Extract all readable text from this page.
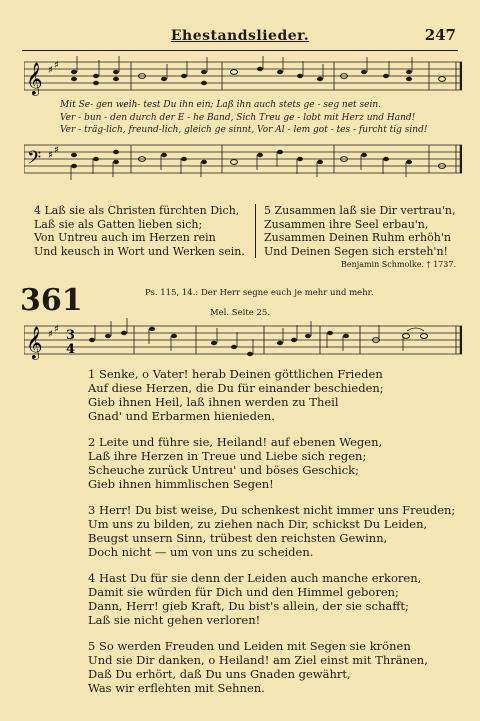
Ehestandslieder.	247
𝄞 ♯ ♯
Mit Se- gen weih- test Du ihn ein; Laß ihn auch stets ge - seg net sein.
Ver - bun - den durch der E - he Band, Sich Treu ge - lobt mit Herz und Hand!
Ver - träg-lich, freund-lich, gleich ge sinnt, Vor Al - lem got - tes - furcht tig sind!
𝄢 ♯ ♯
4 Laß sie als Christen fürchten Dich,
Laß sie als Gatten lieben sich;
Von Untreu auch im Herzen rein
Und keusch in Wort und Werken sein.
5 Zusammen laß sie Dir vertrau'n,
Zusammen ihre Seel erbau'n,
Zusammen Deinen Ruhm erhöh'n
Und Deinen Segen sich ersteh'n!
Benjamin Schmolke. † 1737.
361	Ps. 115, 14.: Der Herr segne euch je mehr und mehr.
Mel. Seite 25.
𝄞 ♯ ♯ 3
4
1 Senke, o Vater! herab Deinen göttlichen Frieden
Auf diese Herzen, die Du für einander beschieden;
Gieb ihnen Heil, laß ihnen werden zu Theil
Gnad' und Erbarmen hienieden.
2 Leite und führe sie, Heiland! auf ebenen Wegen,
Laß ihre Herzen in Treue und Liebe sich regen;
Scheuche zurück Untreu' und böses Geschick;
Gieb ihnen himmlischen Segen!
3 Herr! Du bist weise, Du schenkest nicht immer uns Freuden;
Um uns zu bilden, zu ziehen nach Dir, schickst Du Leiden,
Beugst unsern Sinn, trübest den reichsten Gewinn,
Doch nicht — um von uns zu scheiden.
4 Hast Du für sie denn der Leiden auch manche erkoren,
Damit sie würden für Dich und den Himmel geboren;
Dann, Herr! gieb Kraft, Du bist's allein, der sie schafft;
Laß sie nicht gehen verloren!
5 So werden Freuden und Leiden mit Segen sie krönen
Und sie Dir danken, o Heiland! am Ziel einst mit Thränen,
Daß Du erhört, daß Du uns Gnaden gewährt,
Was wir erflehten mit Sehnen.
